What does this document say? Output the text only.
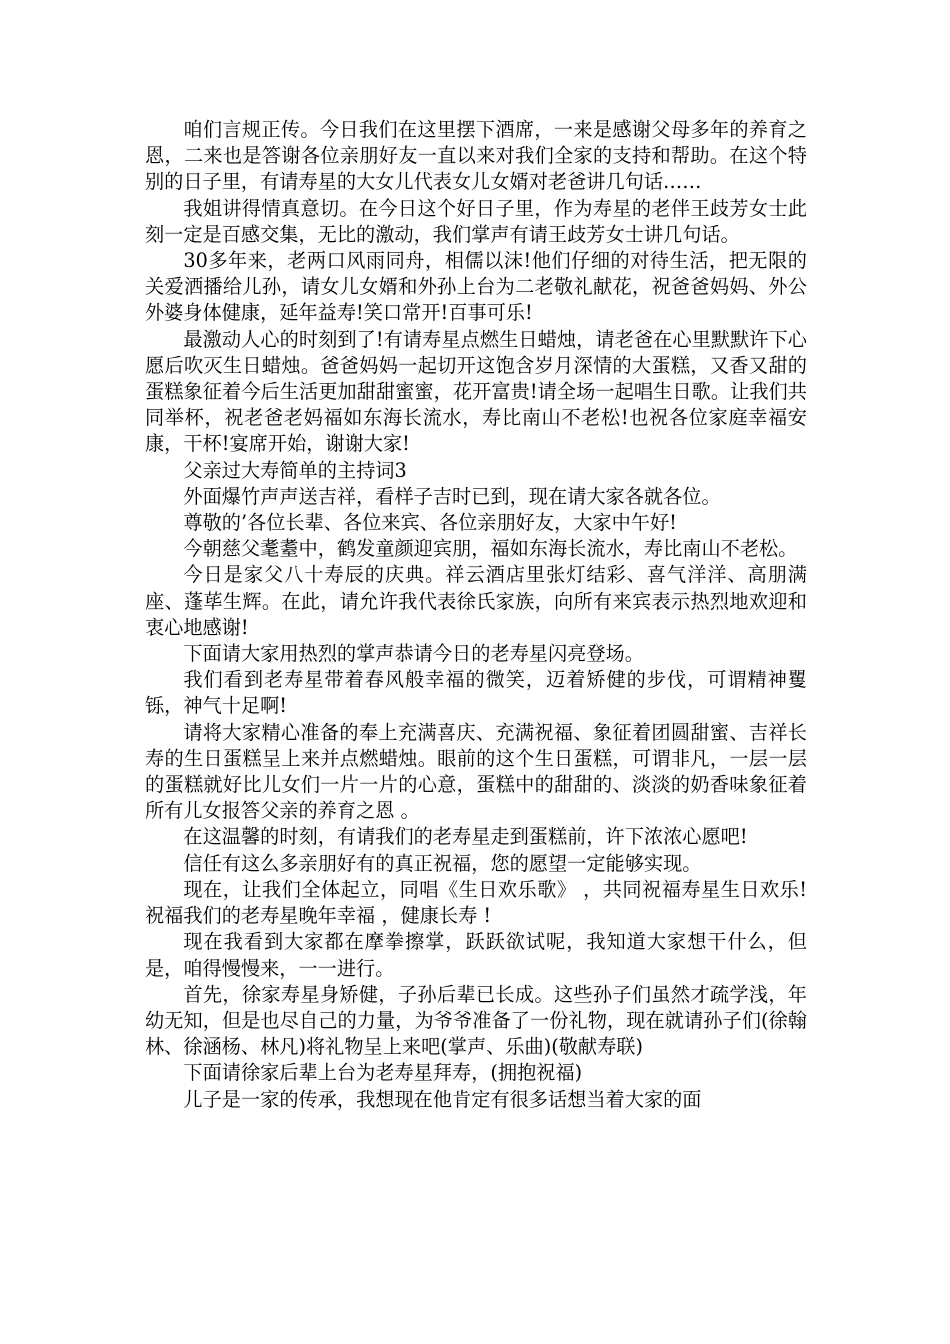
咱们言规正传。今日我们在这里摆下酒席，一来是感谢父母多年的养育之恩，二来也是答谢各位亲朋好友一直以来对我们全家的支持和帮助。在这个特别的日子里，有请寿星的大女儿代表女儿女婿对老爸讲几句话……

我姐讲得情真意切。在今日这个好日子里，作为寿星的老伴王歧芳女士此刻一定是百感交集，无比的激动，我们掌声有请王歧芳女士讲几句话。

30多年来，老两口风雨同舟，相儒以沫!他们仔细的对待生活，把无限的关爱洒播给儿孙，请女儿女婿和外孙上台为二老敬礼献花，祝爸爸妈妈、外公外婆身体健康，延年益寿!笑口常开!百事可乐!

最激动人心的时刻到了!有请寿星点燃生日蜡烛，请老爸在心里默默许下心愿后吹灭生日蜡烛。爸爸妈妈一起切开这饱含岁月深情的大蛋糕，又香又甜的蛋糕象征着今后生活更加甜甜蜜蜜，花开富贵!请全场一起唱生日歌。让我们共同举杯，祝老爸老妈福如东海长流水，寿比南山不老松!也祝各位家庭幸福安康，干杯!宴席开始，谢谢大家!

父亲过大寿简单的主持词3

外面爆竹声声送吉祥，看样子吉时已到，现在请大家各就各位。

尊敬的’各位长辈、各位来宾、各位亲朋好友，大家中午好!

今朝慈父耄耋中，鹤发童颜迎宾朋，福如东海长流水，寿比南山不老松。

今日是家父八十寿辰的庆典。祥云酒店里张灯结彩、喜气洋洋、高朋满座、蓬荜生辉。在此，请允许我代表徐氏家族，向所有来宾表示热烈地欢迎和衷心地感谢!

下面请大家用热烈的掌声恭请今日的老寿星闪亮登场。

我们看到老寿星带着春风般幸福的微笑，迈着矫健的步伐，可谓精神矍铄，神气十足啊!

请将大家精心准备的奉上充满喜庆、充满祝福、象征着团圆甜蜜、吉祥长寿的生日蛋糕呈上来并点燃蜡烛。眼前的这个生日蛋糕，可谓非凡，一层一层的蛋糕就好比儿女们一片一片的心意，蛋糕中的甜甜的、淡淡的奶香味象征着所有儿女报答父亲的养育之恩 。

在这温馨的时刻，有请我们的老寿星走到蛋糕前，许下浓浓心愿吧!

信任有这么多亲朋好有的真正祝福，您的愿望一定能够实现。

现在，让我们全体起立，同唱《生日欢乐歌》 ，共同祝福寿星生日欢乐!祝福我们的老寿星晚年幸福 ，健康长寿 !

现在我看到大家都在摩拳擦掌，跃跃欲试呢，我知道大家想干什么，但是，咱得慢慢来，一一进行。

首先，徐家寿星身矫健，子孙后辈已长成。这些孙子们虽然才疏学浅，年幼无知，但是也尽自己的力量，为爷爷准备了一份礼物，现在就请孙子们(徐翰林、徐涵杨、林凡)将礼物呈上来吧(掌声、乐曲)(敬献寿联)

下面请徐家后辈上台为老寿星拜寿，(拥抱祝福)

儿子是一家的传承，我想现在他肯定有很多话想当着大家的面
